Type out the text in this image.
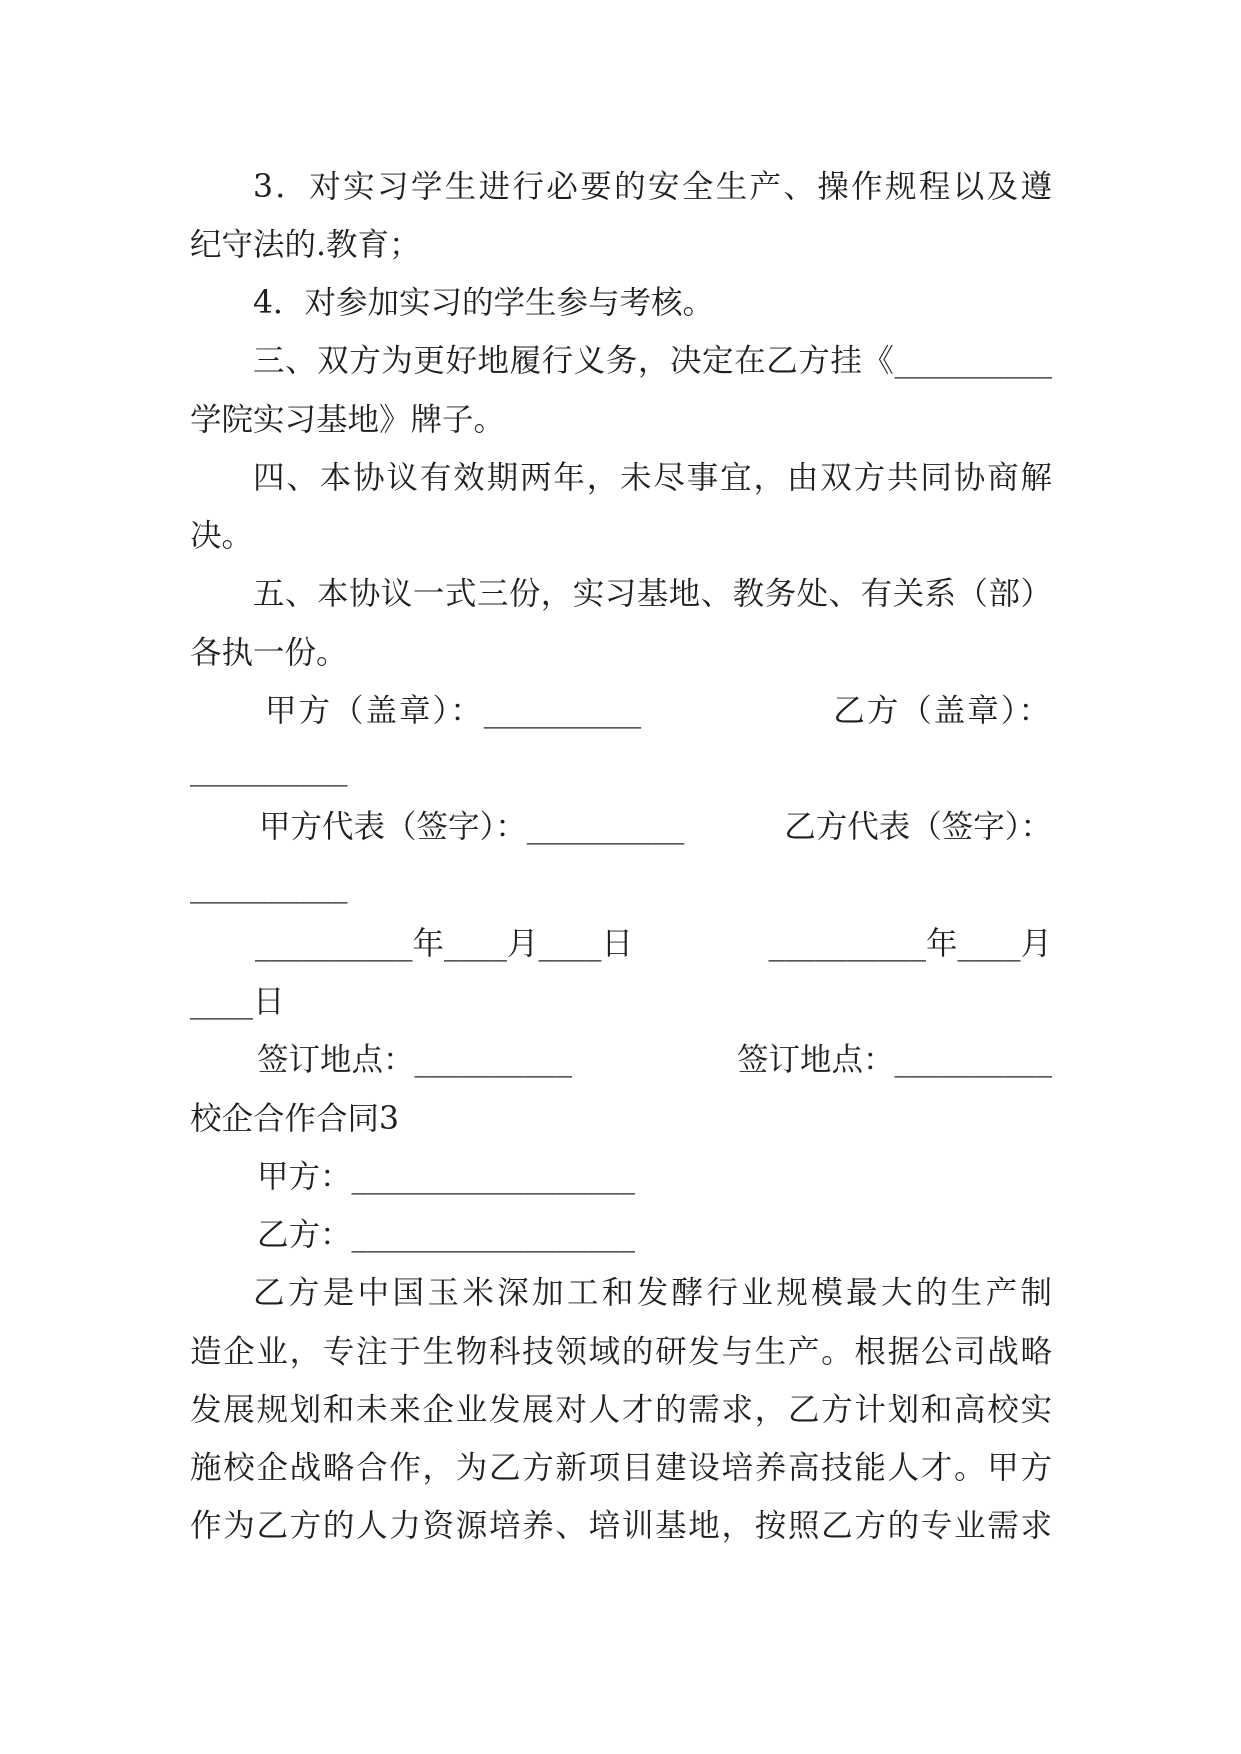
3．对实习学生进行必要的安全生产、操作规程以及遵
纪守法的.教育；
4．对参加实习的学生参与考核。
三、双方为更好地履行义务，决定在乙方挂《__________
学院实习基地》牌子。
四、本协议有效期两年，未尽事宜，由双方共同协商解
决。
五、本协议一式三份，实习基地、教务处、有关系（部）
各执一份。
甲方（盖章）：__________	乙方（盖章）：
__________
甲方代表（签字）：__________	乙方代表（签字）：
__________
__________年____月____日	__________年____月
____日
签订地点：__________	签订地点：__________
校企合作合同3
甲方：__________________
乙方：__________________
乙方是中国玉米深加工和发酵行业规模最大的生产制
造企业，专注于生物科技领域的研发与生产。根据公司战略
发展规划和未来企业发展对人才的需求，乙方计划和高校实
施校企战略合作，为乙方新项目建设培养高技能人才。甲方
作为乙方的人力资源培养、培训基地，按照乙方的专业需求
